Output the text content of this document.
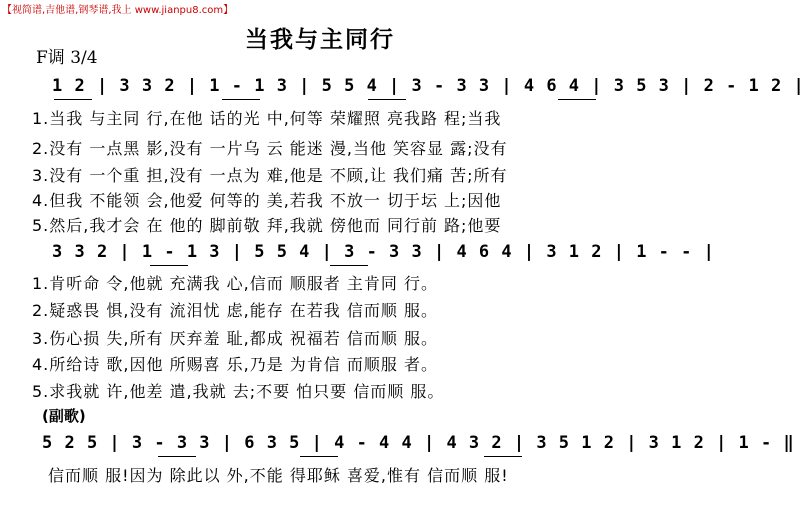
【视简谱,吉他谱,钢琴谱,我上 www.jianpu8.com】
当我与主同行
F调 3/4
1 2 | 3 3 2 | 1 - 1 3 | 5 5 4 | 3 - 3 3 | 4 6 4 | 3 5 3 | 2 - 1 2 |
1.当我 与主同 行,在他 话的光 中,何等 荣耀照 亮我路 程;当我
2.没有 一点黑 影,没有 一片乌 云 能迷 漫,当他 笑容显 露;没有
3.没有 一个重 担,没有 一点为 难,他是 不顾,让 我们痛 苦;所有
4.但我 不能领 会,他爱 何等的 美,若我 不放一 切于坛 上;因他
5.然后,我才会 在 他的 脚前敬 拜,我就 傍他而 同行前 路;他要
3 3 2 | 1 - 1 3 | 5 5 4 | 3 - 3 3 | 4 6 4 | 3 1 2 | 1 - - |
1.肯听命 令,他就 充满我 心,信而 顺服者 主肯同 行。
2.疑惑畏 惧,没有 流泪忧 虑,能存 在若我 信而顺 服。
3.伤心损 失,所有 厌弃羞 耻,都成 祝福若 信而顺 服。
4.所给诗 歌,因他 所赐喜 乐,乃是 为肯信 而顺服 者。
5.求我就 许,他差 遣,我就 去;不要 怕只要 信而顺 服。
(副歌)
5 2 5 | 3 - 3 3 | 6 3 5 | 4 - 4 4 | 4 3 2 | 3 5 1 2 | 3 1 2 | 1 - ‖
信而顺 服!因为 除此以 外,不能 得耶稣 喜爱,惟有 信而顺 服!
